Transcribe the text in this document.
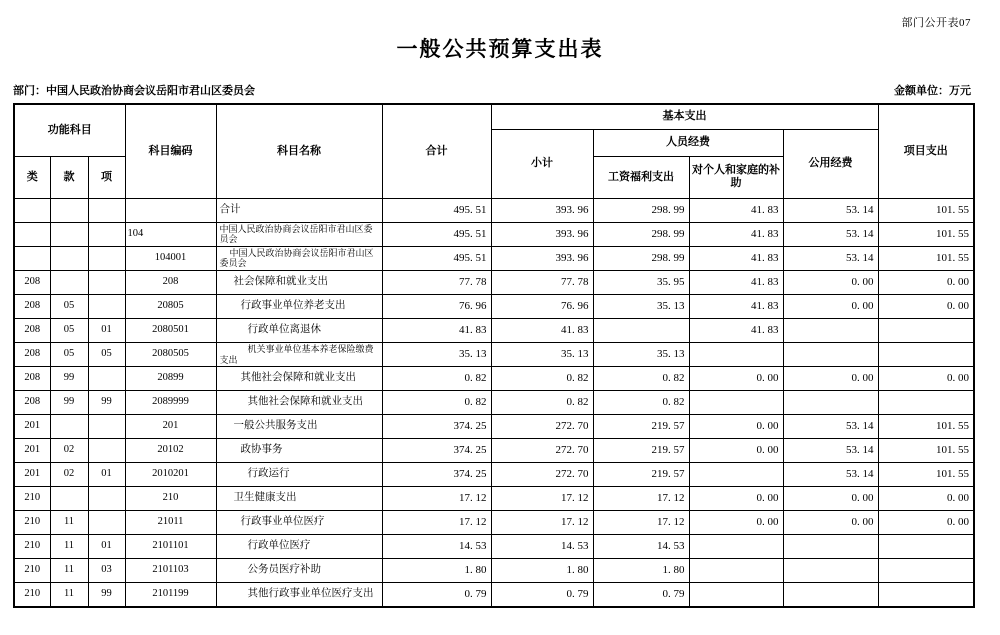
部门公开表07
一般公共预算支出表
部门：中国人民政治协商会议岳阳市君山区委员会	金额单位：万元
功能科目			科目编码	科目名称	合计	基本支出				项目支出
						小计	人员经费		公用经费	
类	款	项					工资福利支出	对个人和家庭的补助		
				合计	495. 51	393. 96	298. 99	41. 83	53. 14	101. 55
			104	中国人民政治协商会议岳阳市君山区委员会	495. 51	393. 96	298. 99	41. 83	53. 14	101. 55
			104001	中国人民政治协商会议岳阳市君山区委员会	495. 51	393. 96	298. 99	41. 83	53. 14	101. 55
208			208	社会保障和就业支出	77. 78	77. 78	35. 95	41. 83	0. 00	0. 00
208	05		20805	行政事业单位养老支出	76. 96	76. 96	35. 13	41. 83	0. 00	0. 00
208	05	01	2080501	行政单位离退休	41. 83	41. 83		41. 83		
208	05	05	2080505	机关事业单位基本养老保险缴费支出	35. 13	35. 13	35. 13			
208	99		20899	其他社会保障和就业支出	0. 82	0. 82	0. 82	0. 00	0. 00	0. 00
208	99	99	2089999	其他社会保障和就业支出	0. 82	0. 82	0. 82			
201			201	一般公共服务支出	374. 25	272. 70	219. 57	0. 00	53. 14	101. 55
201	02		20102	政协事务	374. 25	272. 70	219. 57	0. 00	53. 14	101. 55
201	02	01	2010201	行政运行	374. 25	272. 70	219. 57		53. 14	101. 55
210			210	卫生健康支出	17. 12	17. 12	17. 12	0. 00	0. 00	0. 00
210	11		21011	行政事业单位医疗	17. 12	17. 12	17. 12	0. 00	0. 00	0. 00
210	11	01	2101101	行政单位医疗	14. 53	14. 53	14. 53			
210	11	03	2101103	公务员医疗补助	1. 80	1. 80	1. 80			
210	11	99	2101199	其他行政事业单位医疗支出	0. 79	0. 79	0. 79			
